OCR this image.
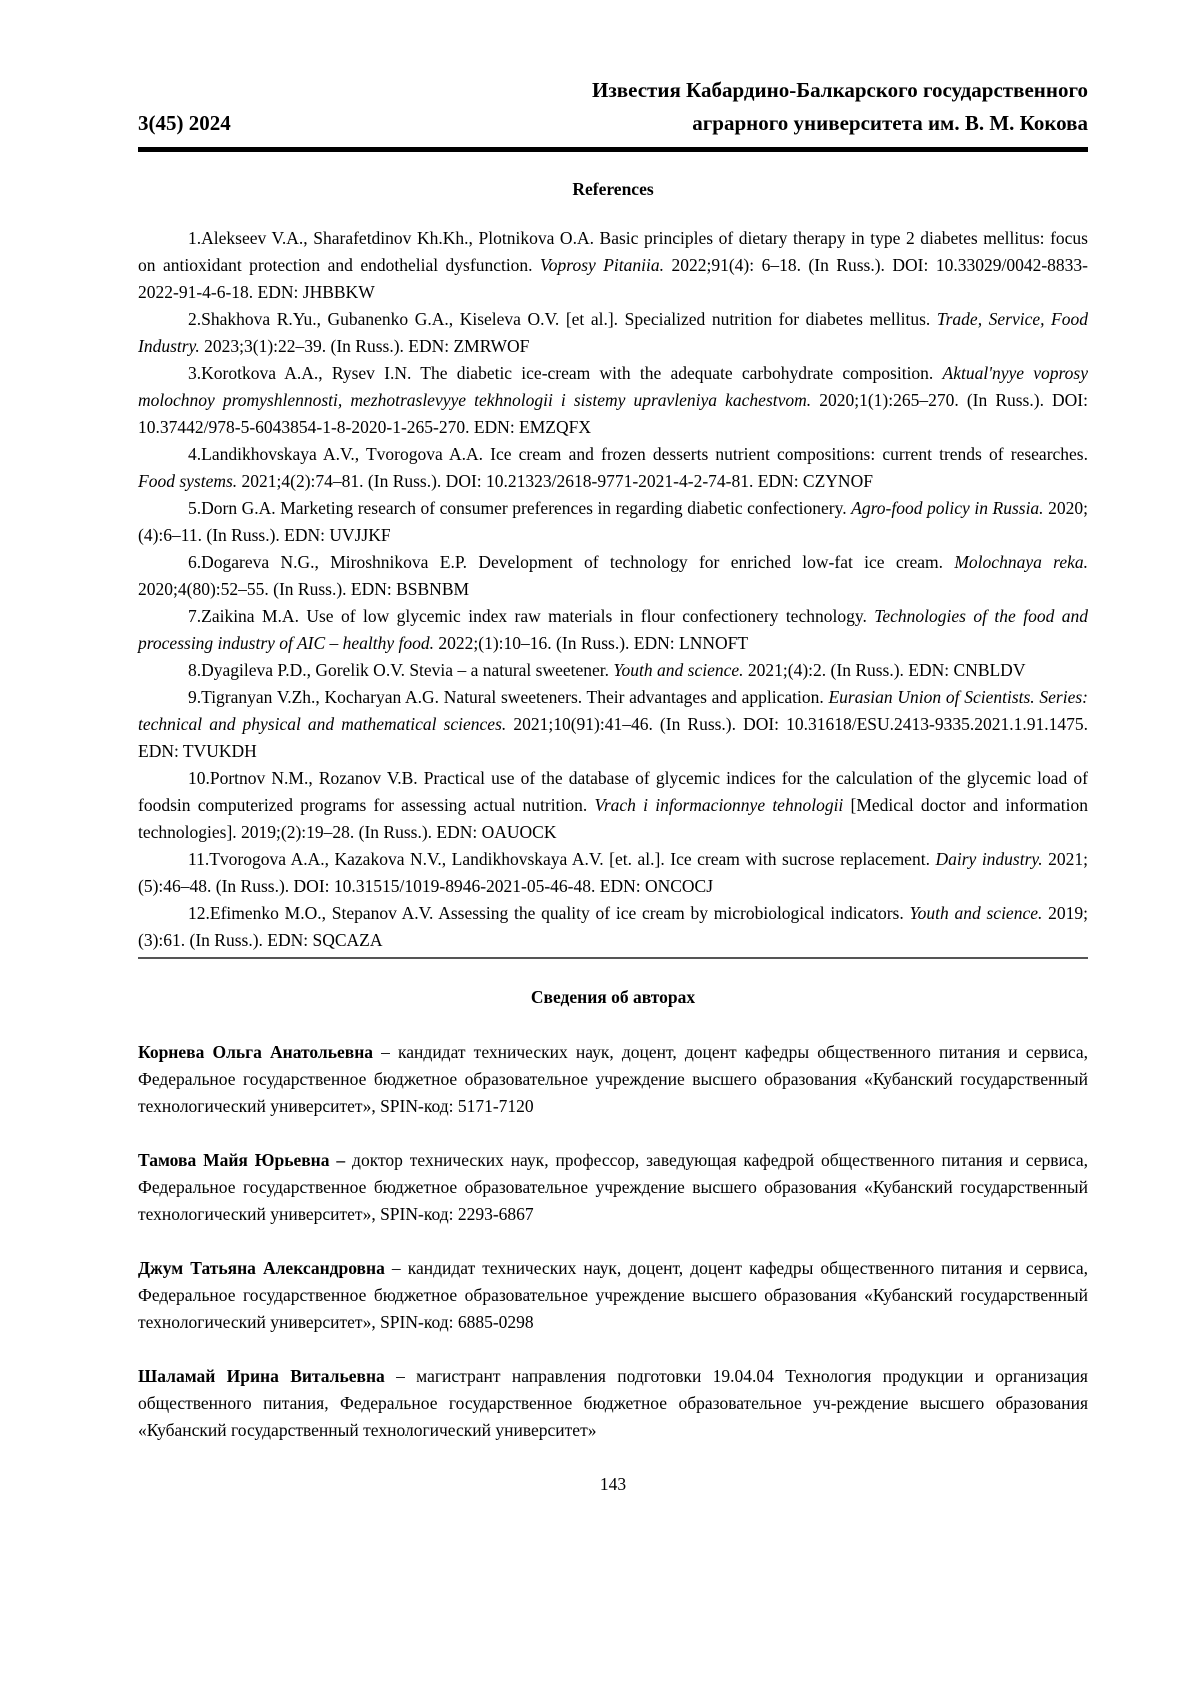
3(45) 2024
Известия Кабардино-Балкарского государственного
аграрного университета им. В. М. Кокова
References

1.Alekseev V.A., Sharafetdinov Kh.Kh., Plotnikova O.A. Basic principles of dietary therapy in type 2 diabetes mellitus: focus on antioxidant protection and endothelial dysfunction. Voprosy Pitaniia. 2022;91(4): 6–18. (In Russ.). DOI: 10.33029/0042-8833-2022-91-4-6-18. EDN: JHBBKW

2.Shakhova R.Yu., Gubanenko G.A., Kiseleva O.V. [et al.]. Specialized nutrition for diabetes mellitus. Trade, Service, Food Industry. 2023;3(1):22–39. (In Russ.). EDN: ZMRWOF

3.Korotkova A.A., Rysev I.N. The diabetic ice-cream with the adequate carbohydrate composition. Aktual'nyye voprosy molochnoy promyshlennosti, mezhotraslevyye tekhnologii i sistemy upravleniya kachestvom. 2020;1(1):265–270. (In Russ.). DOI: 10.37442/978-5-6043854-1-8-2020-1-265-270. EDN: EMZQFX

4.Landikhovskaya A.V., Tvorogova A.A. Ice cream and frozen desserts nutrient compositions: current trends of researches. Food systems. 2021;4(2):74–81. (In Russ.). DOI: 10.21323/2618-9771-2021-4-2-74-81. EDN: CZYNOF

5.Dorn G.A. Marketing research of consumer preferences in regarding diabetic confectionery. Agro-food policy in Russia. 2020;(4):6–11. (In Russ.). EDN: UVJJKF

6.Dogareva N.G., Miroshnikova E.P. Development of technology for enriched low-fat ice cream. Molochnaya reka. 2020;4(80):52–55. (In Russ.). EDN: BSBNBM

7.Zaikina M.A. Use of low glycemic index raw materials in flour confectionery technology. Technologies of the food and processing industry of AIC – healthy food. 2022;(1):10–16. (In Russ.). EDN: LNNOFT

8.Dyagileva P.D., Gorelik O.V. Stevia – a natural sweetener. Youth and science. 2021;(4):2. (In Russ.). EDN: CNBLDV

9.Tigranyan V.Zh., Kocharyan A.G. Natural sweeteners. Their advantages and application. Eurasian Union of Scientists. Series: technical and physical and mathematical sciences. 2021;10(91):41–46. (In Russ.). DOI: 10.31618/ESU.2413-9335.2021.1.91.1475. EDN: TVUKDH

10.Portnov N.M., Rozanov V.B. Practical use of the database of glycemic indices for the calculation of the glycemic load of foodsin computerized programs for assessing actual nutrition. Vrach i informacionnye tehnologii [Medical doctor and information technologies]. 2019;(2):19–28. (In Russ.). EDN: OAUOCK

11.Tvorogova A.A., Kazakova N.V., Landikhovskaya A.V. [et. al.]. Ice cream with sucrose replacement. Dairy industry. 2021;(5):46–48. (In Russ.). DOI: 10.31515/1019-8946-2021-05-46-48. EDN: ONCOCJ

12.Efimenko M.O., Stepanov A.V. Assessing the quality of ice cream by microbiological indicators. Youth and science. 2019;(3):61. (In Russ.). EDN: SQCAZA

Сведения об авторах

Корнева Ольга Анатольевна – кандидат технических наук, доцент, доцент кафедры общественного питания и сервиса, Федеральное государственное бюджетное образовательное учреждение высшего образования «Кубанский государственный технологический университет», SPIN-код: 5171-7120

Тамова Майя Юрьевна – доктор технических наук, профессор, заведующая кафедрой общественного питания и сервиса, Федеральное государственное бюджетное образовательное учреждение высшего образования «Кубанский государственный технологический университет», SPIN-код: 2293-6867

Джум Татьяна Александровна – кандидат технических наук, доцент, доцент кафедры общественного питания и сервиса, Федеральное государственное бюджетное образовательное учреждение высшего образования «Кубанский государственный технологический университет», SPIN-код: 6885-0298

Шаламай Ирина Витальевна – магистрант направления подготовки 19.04.04 Технология продукции и организация общественного питания, Федеральное государственное бюджетное образовательное уч-реждение высшего образования «Кубанский государственный технологический университет»

143
